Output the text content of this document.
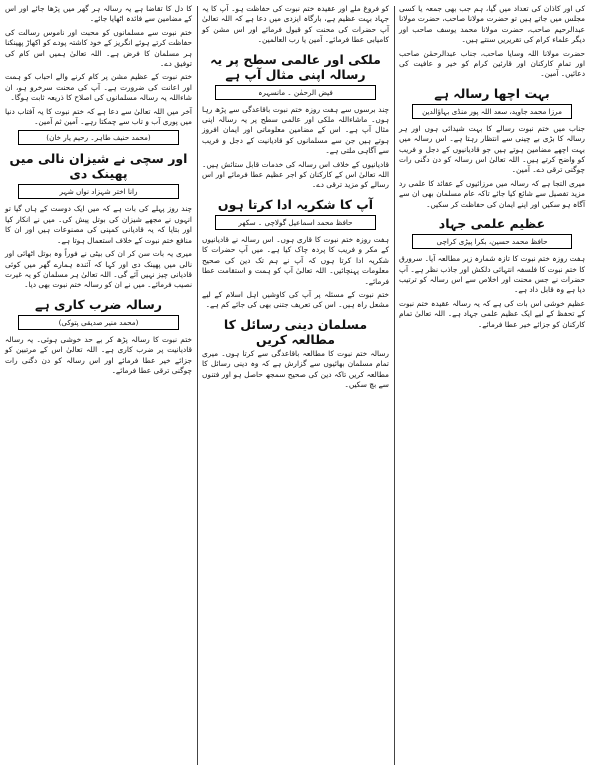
کی اور کاذان کی تعداد میں گیا، ہم جب بھی جمعہ یا کسی مجلس میں جاتے ہیں تو حضرت مولانا صاحب، حضرت مولانا عبدالرحیم صاحب، حضرت مولانا محمد یوسف صاحب اور دیگر علماء کرام کی تقریریں سنتے ہیں۔

حضرت مولانا اللہ وسایا صاحب، جناب عبدالرحمٰن صاحب اور تمام کارکنان اور قارئین کرام کو خیر و عافیت کی دعائیں۔ آمین۔

بہت اچھا رسالہ ہے
مرزا محمد جاوید، سعد اللہ پور منڈی بہاؤالدین

جناب میں ختم نبوت رسالے کا بہت شیدائی ہوں اور ہر رسالہ کا بڑی بے چینی سے انتظار رہتا ہے۔ اس رسالہ میں بہت اچھے مضامین ہوتے ہیں جو قادیانیوں کے دجل و فریب کو واضح کرتے ہیں۔ اللہ تعالیٰ اس رسالہ کو دن دگنی رات چوگنی ترقی دے۔ آمین۔

میری التجا ہے کہ رسالہ میں مرزائیوں کے عقائد کا علمی رد مزید تفصیل سے شائع کیا جائے تاکہ عام مسلمان بھی ان سے آگاہ ہو سکیں اور اپنے ایمان کی حفاظت کر سکیں۔

عظیم علمی جہاد
حافظ محمد حسین، بکرا پیڑی کراچی

ہفت روزہ ختم نبوت کا تازہ شمارہ زیر مطالعہ آیا۔ سرورق کا ختم نبوت کا فلسفہ انتہائی دلکش اور جاذب نظر ہے۔ آپ حضرات نے جس محنت اور اخلاص سے اس رسالہ کو ترتیب دیا ہے وہ قابل داد ہے۔

عظیم خوشی اس بات کی ہے کہ یہ رسالہ عقیدہ ختم نبوت کے تحفظ کے لیے ایک عظیم علمی جہاد ہے۔ اللہ تعالیٰ تمام کارکنان کو جزائے خیر عطا فرمائے۔

کو فروغ ملے اور عقیدہ ختم نبوت کی حفاظت ہو۔ آپ کا یہ جہاد بہت عظیم ہے، بارگاہ ایزدی میں دعا ہے کہ اللہ تعالیٰ آپ حضرات کی محنت کو قبول فرمائے اور اس مشن کو کامیابی عطا فرمائے۔ آمین یا رب العالمین۔

ملکی اور عالمی سطح پر یہ رسالہ اپنی مثال آپ ہے
فیض الرحمٰن ۔ مانسہرہ

چند برسوں سے ہفت روزہ ختم نبوت باقاعدگی سے پڑھ رہا ہوں۔ ماشاءاللہ ملکی اور عالمی سطح پر یہ رسالہ اپنی مثال آپ ہے۔ اس کے مضامین معلوماتی اور ایمان افروز ہوتے ہیں جن سے مسلمانوں کو قادیانیت کے دجل و فریب سے آگاہی ملتی ہے۔

قادیانیوں کے خلاف اس رسالہ کی خدمات قابل ستائش ہیں۔ اللہ تعالیٰ اس کے کارکنان کو اجر عظیم عطا فرمائے اور اس رسالے کو مزید ترقی دے۔

آپ کا شکریہ ادا کرتا ہوں
حافظ محمد اسماعیل گولاچی ۔ سکھر

ہفت روزہ ختم نبوت کا قاری ہوں۔ اس رسالہ نے قادیانیوں کے مکر و فریب کا پردہ چاک کیا ہے۔ میں آپ حضرات کا شکریہ ادا کرتا ہوں کہ آپ نے ہم تک دین کی صحیح معلومات پہنچائیں۔ اللہ تعالیٰ آپ کو ہمت و استقامت عطا فرمائے۔

ختم نبوت کے مسئلہ پر آپ کی کاوشیں اہل اسلام کے لیے مشعل راہ ہیں۔ اس کی تعریف جتنی بھی کی جائے کم ہے۔

مسلمان دینی رسائل کا مطالعہ کریں

رسالہ ختم نبوت کا مطالعہ باقاعدگی سے کرتا ہوں۔ میری تمام مسلمان بھائیوں سے گزارش ہے کہ وہ دینی رسائل کا مطالعہ کریں تاکہ دین کی صحیح سمجھ حاصل ہو اور فتنوں سے بچ سکیں۔

کا دل کا تقاضا ہے یہ رسالہ ہر گھر میں پڑھا جائے اور اس کے مضامین سے فائدہ اٹھایا جائے۔

ختم نبوت سے مسلمانوں کو محبت اور ناموس رسالت کی حفاظت کرتے ہوئے انگریز کے خود کاشتہ پودے کو اکھاڑ پھینکنا ہر مسلمان کا فرض ہے۔ اللہ تعالیٰ ہمیں اس کام کی توفیق دے۔

ختم نبوت کے عظیم مشن پر کام کرنے والے احباب کو ہمت اور اعانت کی ضرورت ہے۔ آپ کی محنت سرخرو ہو، ان شاءاللہ یہ رسالہ مسلمانوں کی اصلاح کا ذریعہ ثابت ہوگا۔

آخر میں اللہ تعالیٰ سے دعا ہے کہ ختم نبوت کا یہ آفتاب دنیا میں پوری آب و تاب سے چمکتا رہے۔ آمین ثم آمین۔

(محمد حنیف طاہر۔ رحیم یار خان)
اور سچی نے شیزان نالی میں پھینک دی
رانا اختر شہزاد نواں شہر

چند روز پہلے کی بات ہے کہ میں ایک دوست کے ہاں گیا تو انہوں نے مجھے شیزان کی بوتل پیش کی۔ میں نے انکار کیا اور بتایا کہ یہ قادیانی کمپنی کی مصنوعات ہیں اور ان کا منافع ختم نبوت کے خلاف استعمال ہوتا ہے۔

میری یہ بات سن کر ان کی بیٹی نے فوراً وہ بوتل اٹھائی اور نالی میں پھینک دی اور کہا کہ آئندہ ہمارے گھر میں کوئی قادیانی چیز نہیں آئے گی۔ اللہ تعالیٰ ہر مسلمان کو یہ غیرت نصیب فرمائے۔ میں نے ان کو رسالہ ختم نبوت بھی دیا۔

رسالہ ضرب کاری ہے
(محمد منیر صدیقی پتوکی)

ختم نبوت کا رسالہ پڑھ کر بے حد خوشی ہوئی۔ یہ رسالہ قادیانیت پر ضرب کاری ہے۔ اللہ تعالیٰ اس کے مرتبین کو جزائے خیر عطا فرمائے اور اس رسالہ کو دن دگنی رات چوگنی ترقی عطا فرمائے۔
